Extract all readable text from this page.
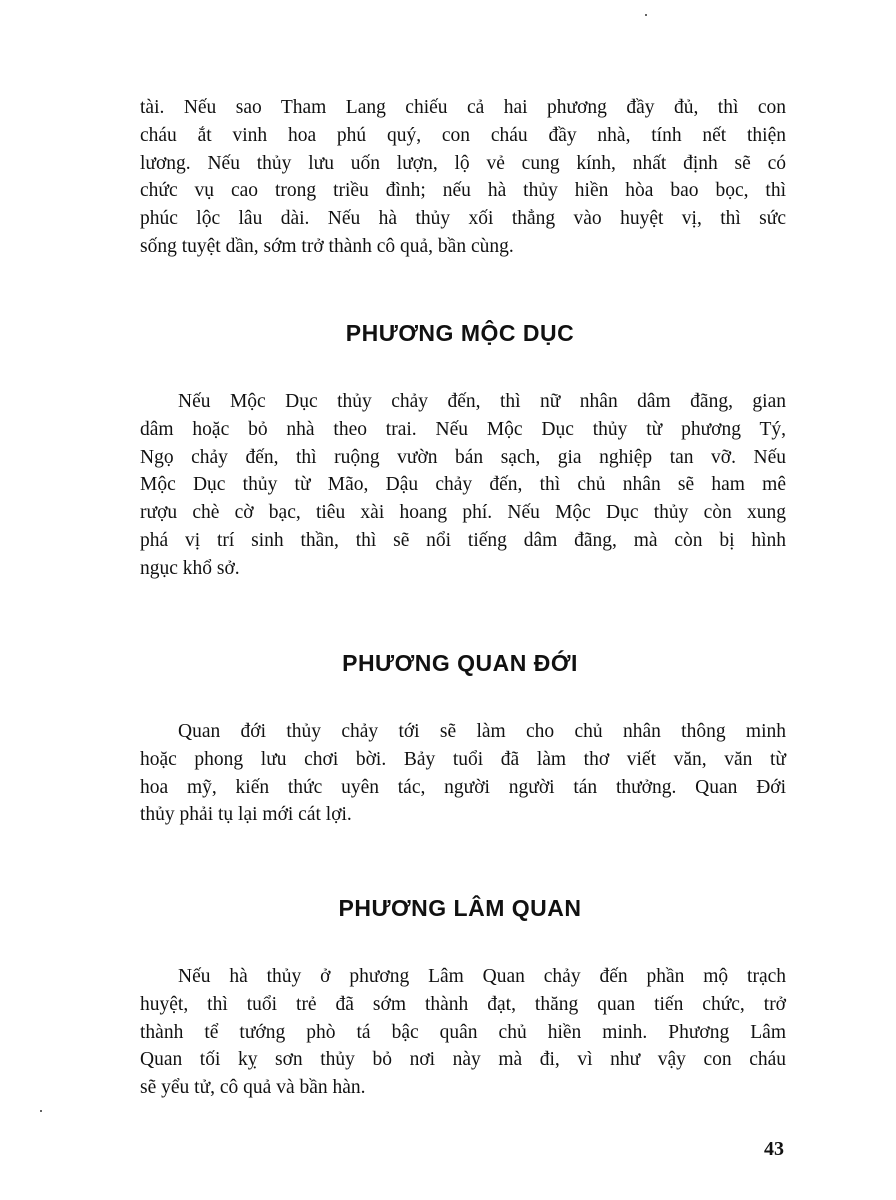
tài. Nếu sao Tham Lang chiếu cả hai phương đầy đủ, thì con
cháu ắt vinh hoa phú quý, con cháu đầy nhà, tính nết thiện
lương. Nếu thủy lưu uốn lượn, lộ vẻ cung kính, nhất định sẽ có
chức vụ cao trong triều đình; nếu hà thủy hiền hòa bao bọc, thì
phúc lộc lâu dài. Nếu hà thủy xối thẳng vào huyệt vị, thì sức
sống tuyệt dần, sớm trở thành cô quả, bần cùng.
PHƯƠNG MỘC DỤC
Nếu Mộc Dục thủy chảy đến, thì nữ nhân dâm đãng, gian
dâm hoặc bỏ nhà theo trai. Nếu Mộc Dục thủy từ phương Tý,
Ngọ chảy đến, thì ruộng vườn bán sạch, gia nghiệp tan vỡ. Nếu
Mộc Dục thủy từ Mão, Dậu chảy đến, thì chủ nhân sẽ ham mê
rượu chè cờ bạc, tiêu xài hoang phí. Nếu Mộc Dục thủy còn xung
phá vị trí sinh thần, thì sẽ nổi tiếng dâm đãng, mà còn bị hình
ngục khổ sở.
PHƯƠNG QUAN ĐỚI
Quan đới thủy chảy tới sẽ làm cho chủ nhân thông minh
hoặc phong lưu chơi bời. Bảy tuổi đã làm thơ viết văn, văn từ
hoa mỹ, kiến thức uyên tác, người người tán thưởng. Quan Đới
thủy phải tụ lại mới cát lợi.
PHƯƠNG LÂM QUAN
Nếu hà thủy ở phương Lâm Quan chảy đến phần mộ trạch
huyệt, thì tuổi trẻ đã sớm thành đạt, thăng quan tiến chức, trở
thành tể tướng phò tá bậc quân chủ hiền minh. Phương Lâm
Quan tối kỵ sơn thủy bỏ nơi này mà đi, vì như vậy con cháu
sẽ yểu tử, cô quả và bần hàn.
43
